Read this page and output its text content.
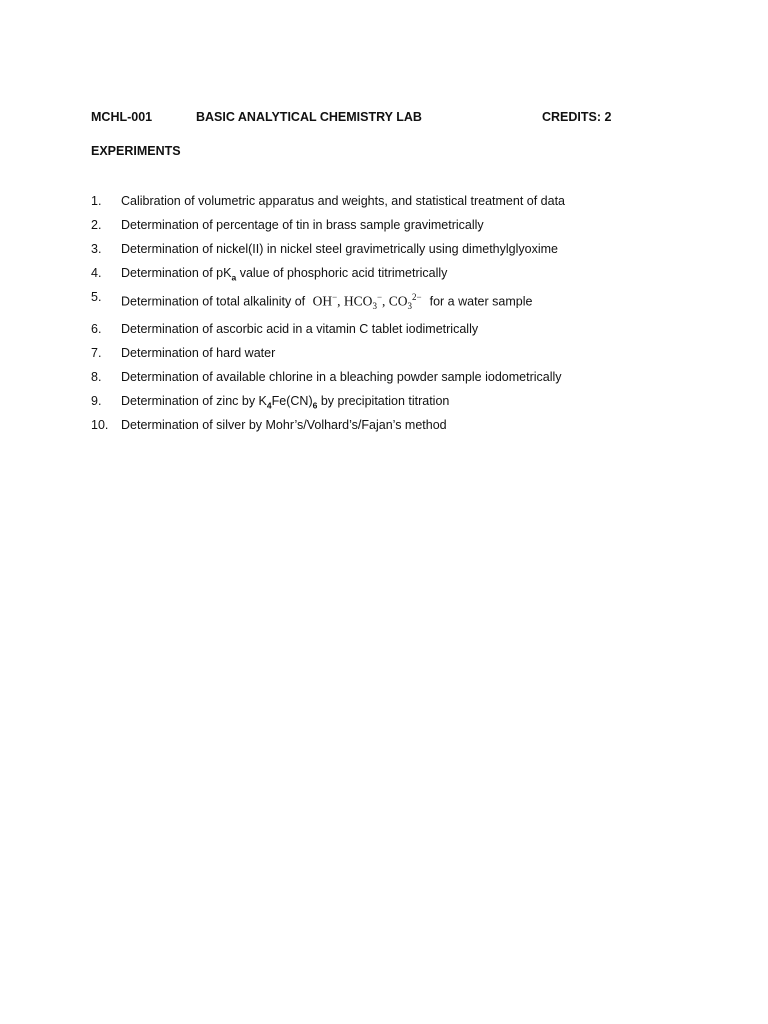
MCHL-001	BASIC ANALYTICAL CHEMISTRY LAB	CREDITS: 2
EXPERIMENTS
1. Calibration of volumetric apparatus and weights, and statistical treatment of data
2. Determination of percentage of tin in brass sample gravimetrically
3. Determination of nickel(II) in nickel steel gravimetrically using dimethylglyoxime
4. Determination of $pK_a$ value of phosphoric acid titrimetrically
5. Determination of total alkalinity of OH−, $HCO_3^-$, $CO_3^{2-}$ for a water sample
6. Determination of ascorbic acid in a vitamin C tablet iodimetrically
7. Determination of hard water
8. Determination of available chlorine in a bleaching powder sample iodometrically
9. Determination of zinc by $K_4Fe(CN)_6$ by precipitation titration
10. Determination of silver by Mohr’s/Volhard’s/Fajan’s method
